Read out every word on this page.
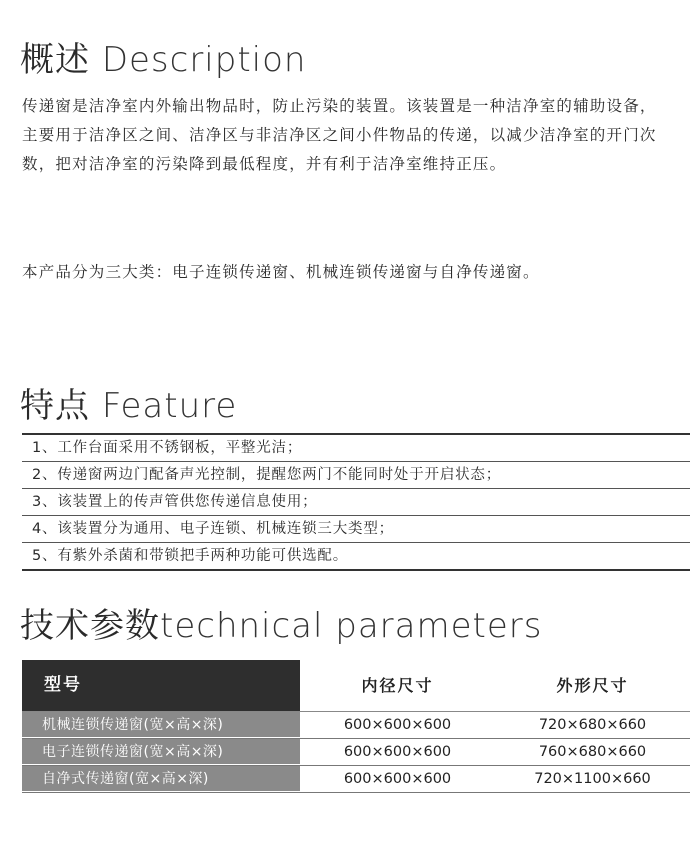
概述 Description

传递窗是洁净室内外输出物品时，防止污染的装置。该装置是一种洁净室的辅助设备，主要用于洁净区之间、洁净区与非洁净区之间小件物品的传递，以减少洁净室的开门次数，把对洁净室的污染降到最低程度，并有利于洁净室维持正压。

本产品分为三大类：电子连锁传递窗、机械连锁传递窗与自净传递窗。

特点 Feature
1、工作台面采用不锈钢板，平整光洁；
2、传递窗两边门配备声光控制，提醒您两门不能同时处于开启状态；
3、该装置上的传声管供您传递信息使用；
4、该装置分为通用、电子连锁、机械连锁三大类型；
5、有紫外杀菌和带锁把手两种功能可供选配。
技术参数technical parameters
型号	内径尺寸	外形尺寸
机械连锁传递窗(宽×高×深)	600×600×600	720×680×660
电子连锁传递窗(宽×高×深)	600×600×600	760×680×660
自净式传递窗(宽×高×深)	600×600×600	720×1100×660
